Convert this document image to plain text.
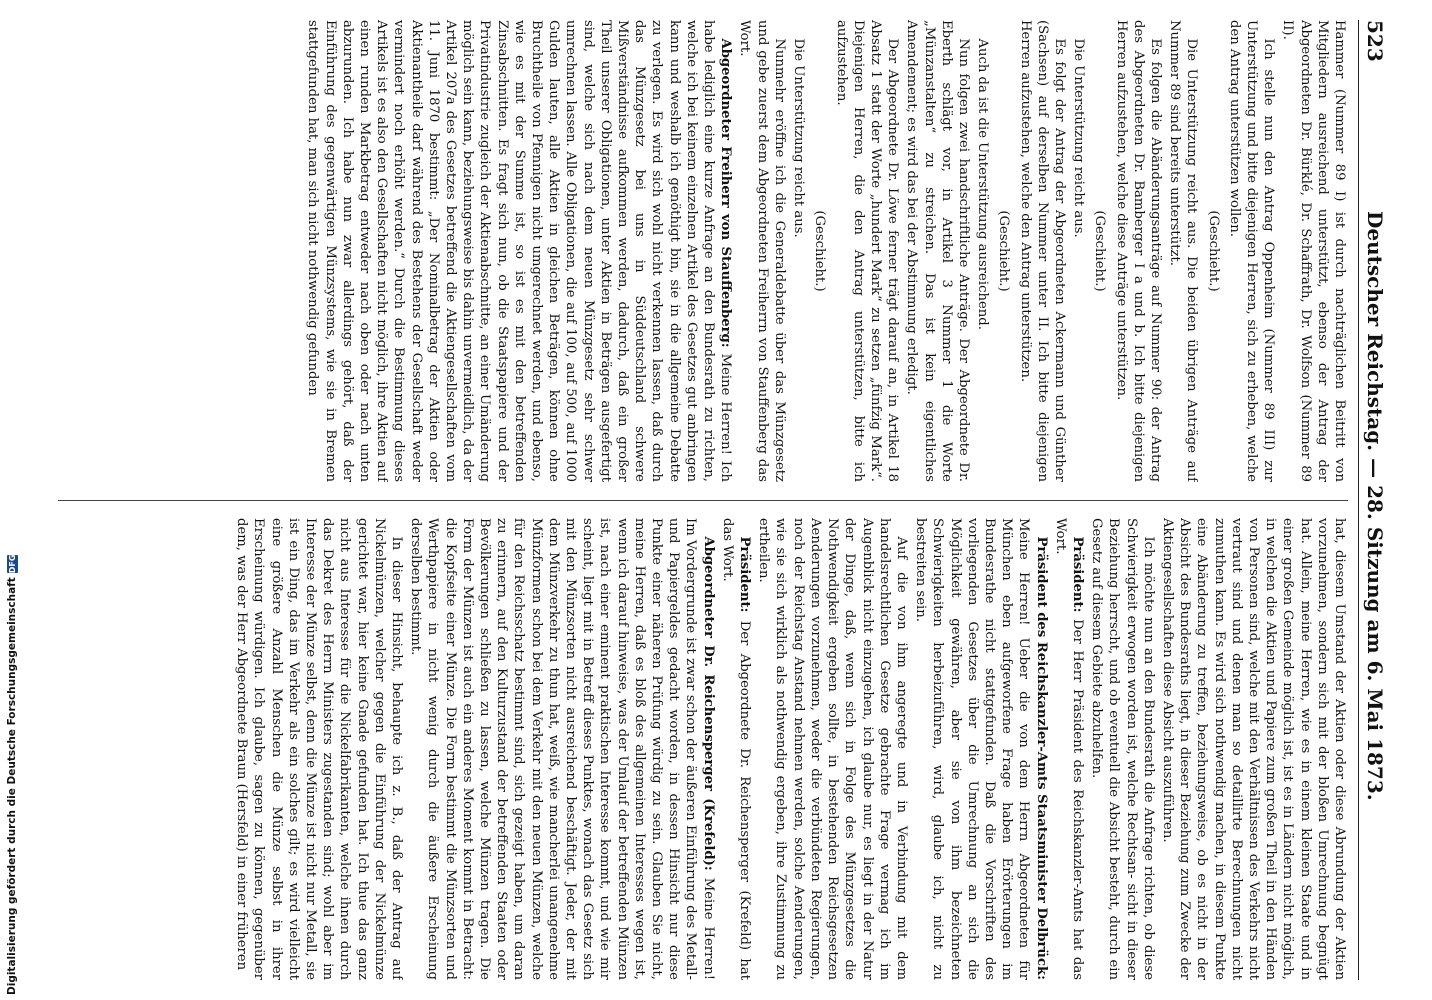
523
Deutscher Reichstag. — 28. Sitzung am 6. Mai 1873.

Hammer (Nummer 89 I) ist durch nachträglichen Beitritt von Mitgliedern ausreichend unterstützt, ebenso der Antrag der Abgeordneten Dr. Bürklé, Dr. Schaffrath, Dr. Wolfson (Nummer 89 II).

Ich stelle nun den Antrag Oppenheim (Nummer 89 III) zur Unterstützung und bitte diejenigen Herren, sich zu erheben, welche den Antrag unterstützen wollen.

(Geschieht.)

Die Unterstützung reicht aus. Die beiden übrigen Anträge auf Nummer 89 sind bereits unterstützt.

Es folgen die Abänderungsanträge auf Nummer 90: der Antrag des Abgeordneten Dr. Bamberger I a und b. Ich bitte diejenigen Herren aufzustehen, welche diese Anträge unterstützen.

(Geschieht.)

Die Unterstützung reicht aus.

Es folgt der Antrag der Abgeordneten Ackermann und Günther (Sachsen) auf derselben Nummer unter II. Ich bitte diejenigen Herren aufzustehen, welche den Antrag unterstützen.

(Geschieht.)

Auch da ist die Unterstützung ausreichend.

Nun folgen zwei handschriftliche Anträge. Der Abgeordnete Dr. Eberth schlägt vor, in Artikel 3 Nummer 1 die Worte „Münzanstalten“ zu streichen. Das ist kein eigentliches Amendement; es wird das bei der Abstimmung erledigt.

Der Abgeordnete Dr. Löwe ferner trägt darauf an, in Artikel 18 Absatz 1 statt der Worte „hundert Mark“ zu setzen „fünfzig Mark“. Diejenigen Herren, die den Antrag unterstützen, bitte ich aufzustehen.

(Geschieht.)

Die Unterstützung reicht aus.

Nunmehr eröffne ich die Generaldebatte über das Münzgesetz und gebe zuerst dem Abgeordneten Freiherrn von Stauffenberg das Wort.

Abgeordneter Freiherr von Stauffenberg: Meine Herren! Ich habe lediglich eine kurze Anfrage an den Bundesrath zu richten, welche ich bei keinem einzelnen Artikel des Gesetzes gut anbringen kann und weshalb ich genöthigt bin, sie in die allgemeine Debatte zu verlegen. Es wird sich wohl nicht verkennen lassen, daß durch das Münzgesetz bei uns in Süddeutschland schwere Mißverständnisse aufkommen werden, dadurch, daß ein großer Theil unserer Obligationen, unter Aktien in Beträgen ausgefertigt sind, welche sich nach dem neuen Münzgesetz sehr schwer umrechnen lassen. Alle Obligationen, die auf 100, auf 500, auf 1000 Gulden lauten, alle Aktien in gleichen Beträgen, können ohne Bruchtheile von Pfennigen nicht umgerechnet werden, und ebenso, wie es mit der Summe ist, so ist es mit den betreffenden Zinsabschnitten. Es fragt sich nun, ob die Staatspapiere und der Privatindustrie zugleich der Aktienabschnitte, an einer Umänderung möglich sein kann, beziehungsweise bis dahin unvermeidlich, da der Artikel 207a des Gesetzes betreffend die Aktiengesellschaften vom 11. Juni 1870 bestimmt: „Der Nominalbetrag der Aktien oder Aktienantheile darf während des Bestehens der Gesellschaft weder vermindert noch erhöht werden.“ Durch die Bestimmung dieses Artikels ist es also den Gesellschaften nicht möglich, ihre Aktien auf einen runden Markbetrag entweder nach oben oder nach unten abzurunden. Ich habe nun zwar allerdings gehört, daß der Einführung des gegenwärtigen Münzsystems, wie sie in Bremen stattgefunden hat, man sich nicht nothwendig gefunden

hat, diesem Umstand der Aktien oder diese Abrundung der Aktien vorzunehmen, sondern sich mit der bloßen Umrechnung begnügt hat. Allein, meine Herren, wie es in einem kleinen Staate und in einer großen Gemeinde möglich ist, ist es in Ländern nicht möglich, in welchen die Aktien und Papiere zum großen Theil in den Händen von Personen sind, welche mit den Verhältnissen des Verkehrs nicht vertraut sind und denen man so detaillirte Berechnungen nicht zumuthen kann. Es wird sich nothwendig machen, in diesem Punkte eine Abänderung zu treffen, beziehungsweise, ob es nicht in der Absicht des Bundesraths liegt, in dieser Beziehung zum Zwecke der Aktiengesellschaften diese Absicht auszuführen.

Ich möchte nun an den Bundesrath die Anfrage richten, ob diese Schwierigkeit erwogen worden ist, welche Rechtsan- sicht in dieser Beziehung herrscht, und ob eventuell die Absicht besteht, durch ein Gesetz auf diesem Gebiete abzuhelfen.

Präsident: Der Herr Präsident des Reichskanzler-Amts hat das Wort.

Präsident des Reichskanzler-Amts Staatsminister Delbrück: Meine Herren! Ueber die von dem Herrn Abgeordneten für München eben aufgeworfene Frage haben Erörterungen im Bundesrathe nicht stattgefunden. Daß die Vorschriften des vorliegenden Gesetzes über die Umrechnung an sich die Möglichkeit gewähren, aber sie von ihm bezeichneten Schwierigkeiten herbeizuführen, wird, glaube ich, nicht zu bestreiten sein.

Auf die von ihm angeregte und in Verbindung mit dem handelsrechtlichen Gesetze gebrachte Frage vermag ich im Augenblick nicht einzugehen, ich glaube nur, es liegt in der Natur der Dinge, daß, wenn sich in Folge des Münzgesetzes die Nothwendigkeit ergeben sollte, in bestehenden Reichsgesetzen Aenderungen vorzunehmen, weder die verbündeten Regierungen, noch der Reichstag Anstand nehmen werden, solche Aenderungen, wie sie sich wirklich als nothwendig ergeben, ihre Zustimmung zu ertheilen.

Präsident: Der Abgeordnete Dr. Reichensperger (Krefeld) hat das Wort.

Abgeordneter Dr. Reichensperger (Krefeld): Meine Herren! Im Vordergrunde ist zwar schon der äußeren Einführung des Metall- und Papiergeldes gedacht worden, in dessen Hinsicht nur diese Punkte einer näheren Prüfung würdig zu sein. Glauben Sie nicht, meine Herren, daß es bloß des allgemeinen Interesses wegen ist, wenn ich darauf hinweise, was der Umlauf der betreffenden Münzen ist, nach einer eminent praktischen Interesse kommt, und wie mir scheint, liegt mit in Betreff dieses Punktes, wonach das Gesetz sich mit den Münzsorten nicht ausreichend beschäftigt. Jeder, der mit dem Münzverkehr zu thun hat, weiß, wie mancherlei unangenehme Münzformen schon bei dem Verkehr mit den neuen Münzen, welche für den Reichsschatz bestimmt sind, sich gezeigt haben, um daran zu erinnern, auf den Kulturzustand der betreffenden Staaten oder Bevölkerungen schließen zu lassen, welche Münzen tragen. Die Form der Münzen ist auch ein anderes Moment kommt in Betracht: die Kopfseite einer Münze. Die Form bestimmt die Münzsorten und Werthpapiere in nicht wenig durch die äußere Erscheinung derselben bestimmt.

In dieser Hinsicht, behaupte ich z. B., daß der Antrag auf Nickelmünzen, welcher gegen die Einführung der Nickelmünze gerichtet war, hier keine Gnade gefunden hat. Ich thue das ganz nicht aus Interesse für die Nickelfabrikanten, welche ihnen durch das Dekret des Herrn Ministers zugestanden sind; wohl aber im Interesse der Münze selbst, denn die Münze ist nicht nur Metall, sie ist ein Ding, das im Verkehr als ein solches gilt; es wird vielleicht eine größere Anzahl Menschen die Münze selbst in ihrer Erscheinung würdigen. Ich glaube, sagen zu können, gegenüber dem, was der Herr Abgeordnete Braun (Hersfeld) in einer früheren

Digitalisierung gefördert durch die Deutsche Forschungsgemeinschaft
DFG
